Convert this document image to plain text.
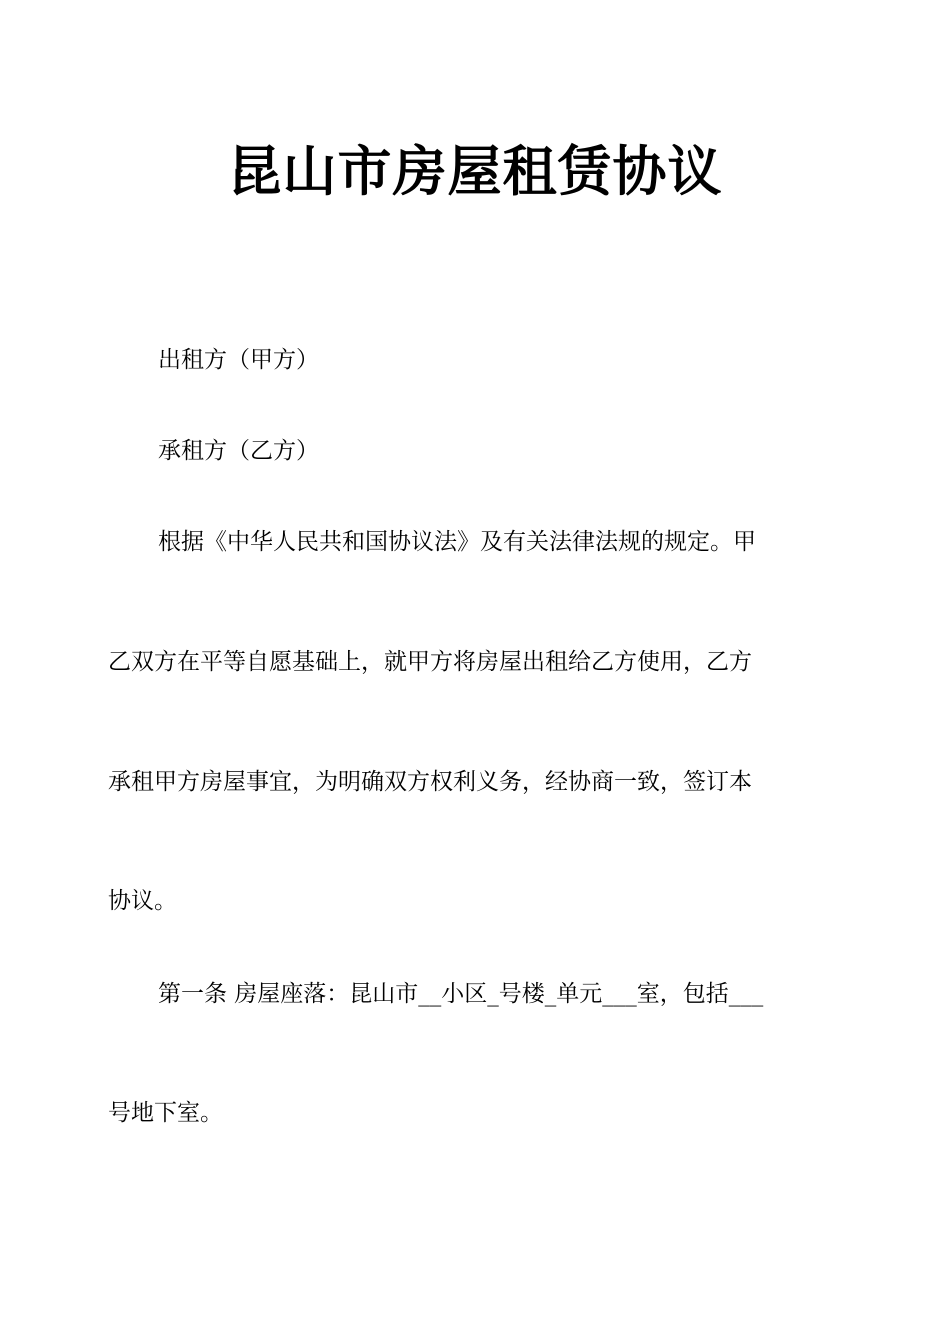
昆山市房屋租赁协议

出租方（甲方）

承租方（乙方）

根据《中华人民共和国协议法》及有关法律法规的规定。甲

乙双方在平等自愿基础上，就甲方将房屋出租给乙方使用，乙方

承租甲方房屋事宜，为明确双方权利义务，经协商一致，签订本

协议。

第一条 房屋座落：昆山市__小区_号楼_单元___室，包括___

号地下室。
